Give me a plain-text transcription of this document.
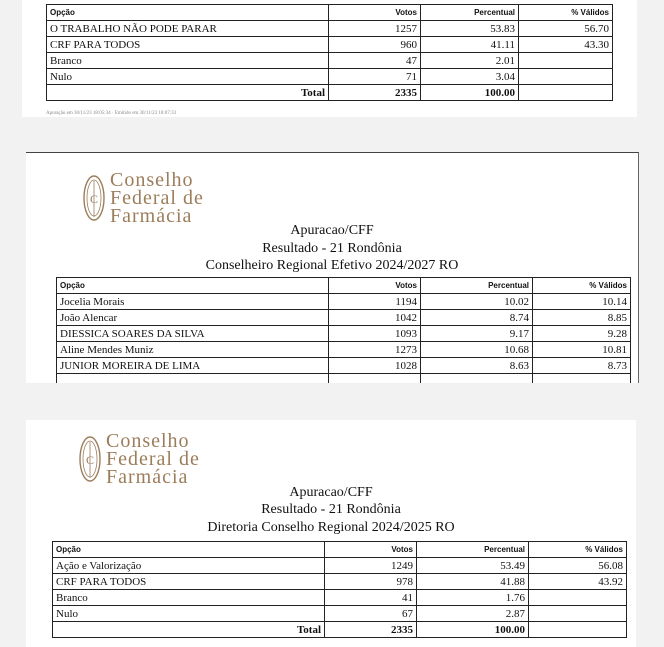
Opção	Votos	Percentual	% Válidos
O TRABALHO NÃO PODE PARAR	1257	53.83	56.70
CRF PARA TODOS	960	41.11	43.30
Branco	47	2.01	
Nulo	71	3.04	
Total	2335	100.00	
Apuração em 30/11/23 18:05:34 · Emitido em 30/11/23 18:07:33
C
Conselho
Federal de
Farmácia
Apuracao/CFF
Resultado - 21 Rondônia
Conselheiro Regional Efetivo 2024/2027 RO
Opção	Votos	Percentual	% Válidos
Jocelia Morais	1194	10.02	10.14
João Alencar	1042	8.74	8.85
DIESSICA SOARES DA SILVA	1093	9.17	9.28
Aline Mendes Muniz	1273	10.68	10.81
JUNIOR MOREIRA DE LIMA	1028	8.63	8.73

C
Conselho
Federal de
Farmácia
Apuracao/CFF
Resultado - 21 Rondônia
Diretoria Conselho Regional 2024/2025 RO
Opção	Votos	Percentual	% Válidos
Ação e Valorização	1249	53.49	56.08
CRF PARA TODOS	978	41.88	43.92
Branco	41	1.76	
Nulo	67	2.87	
Total	2335	100.00	
